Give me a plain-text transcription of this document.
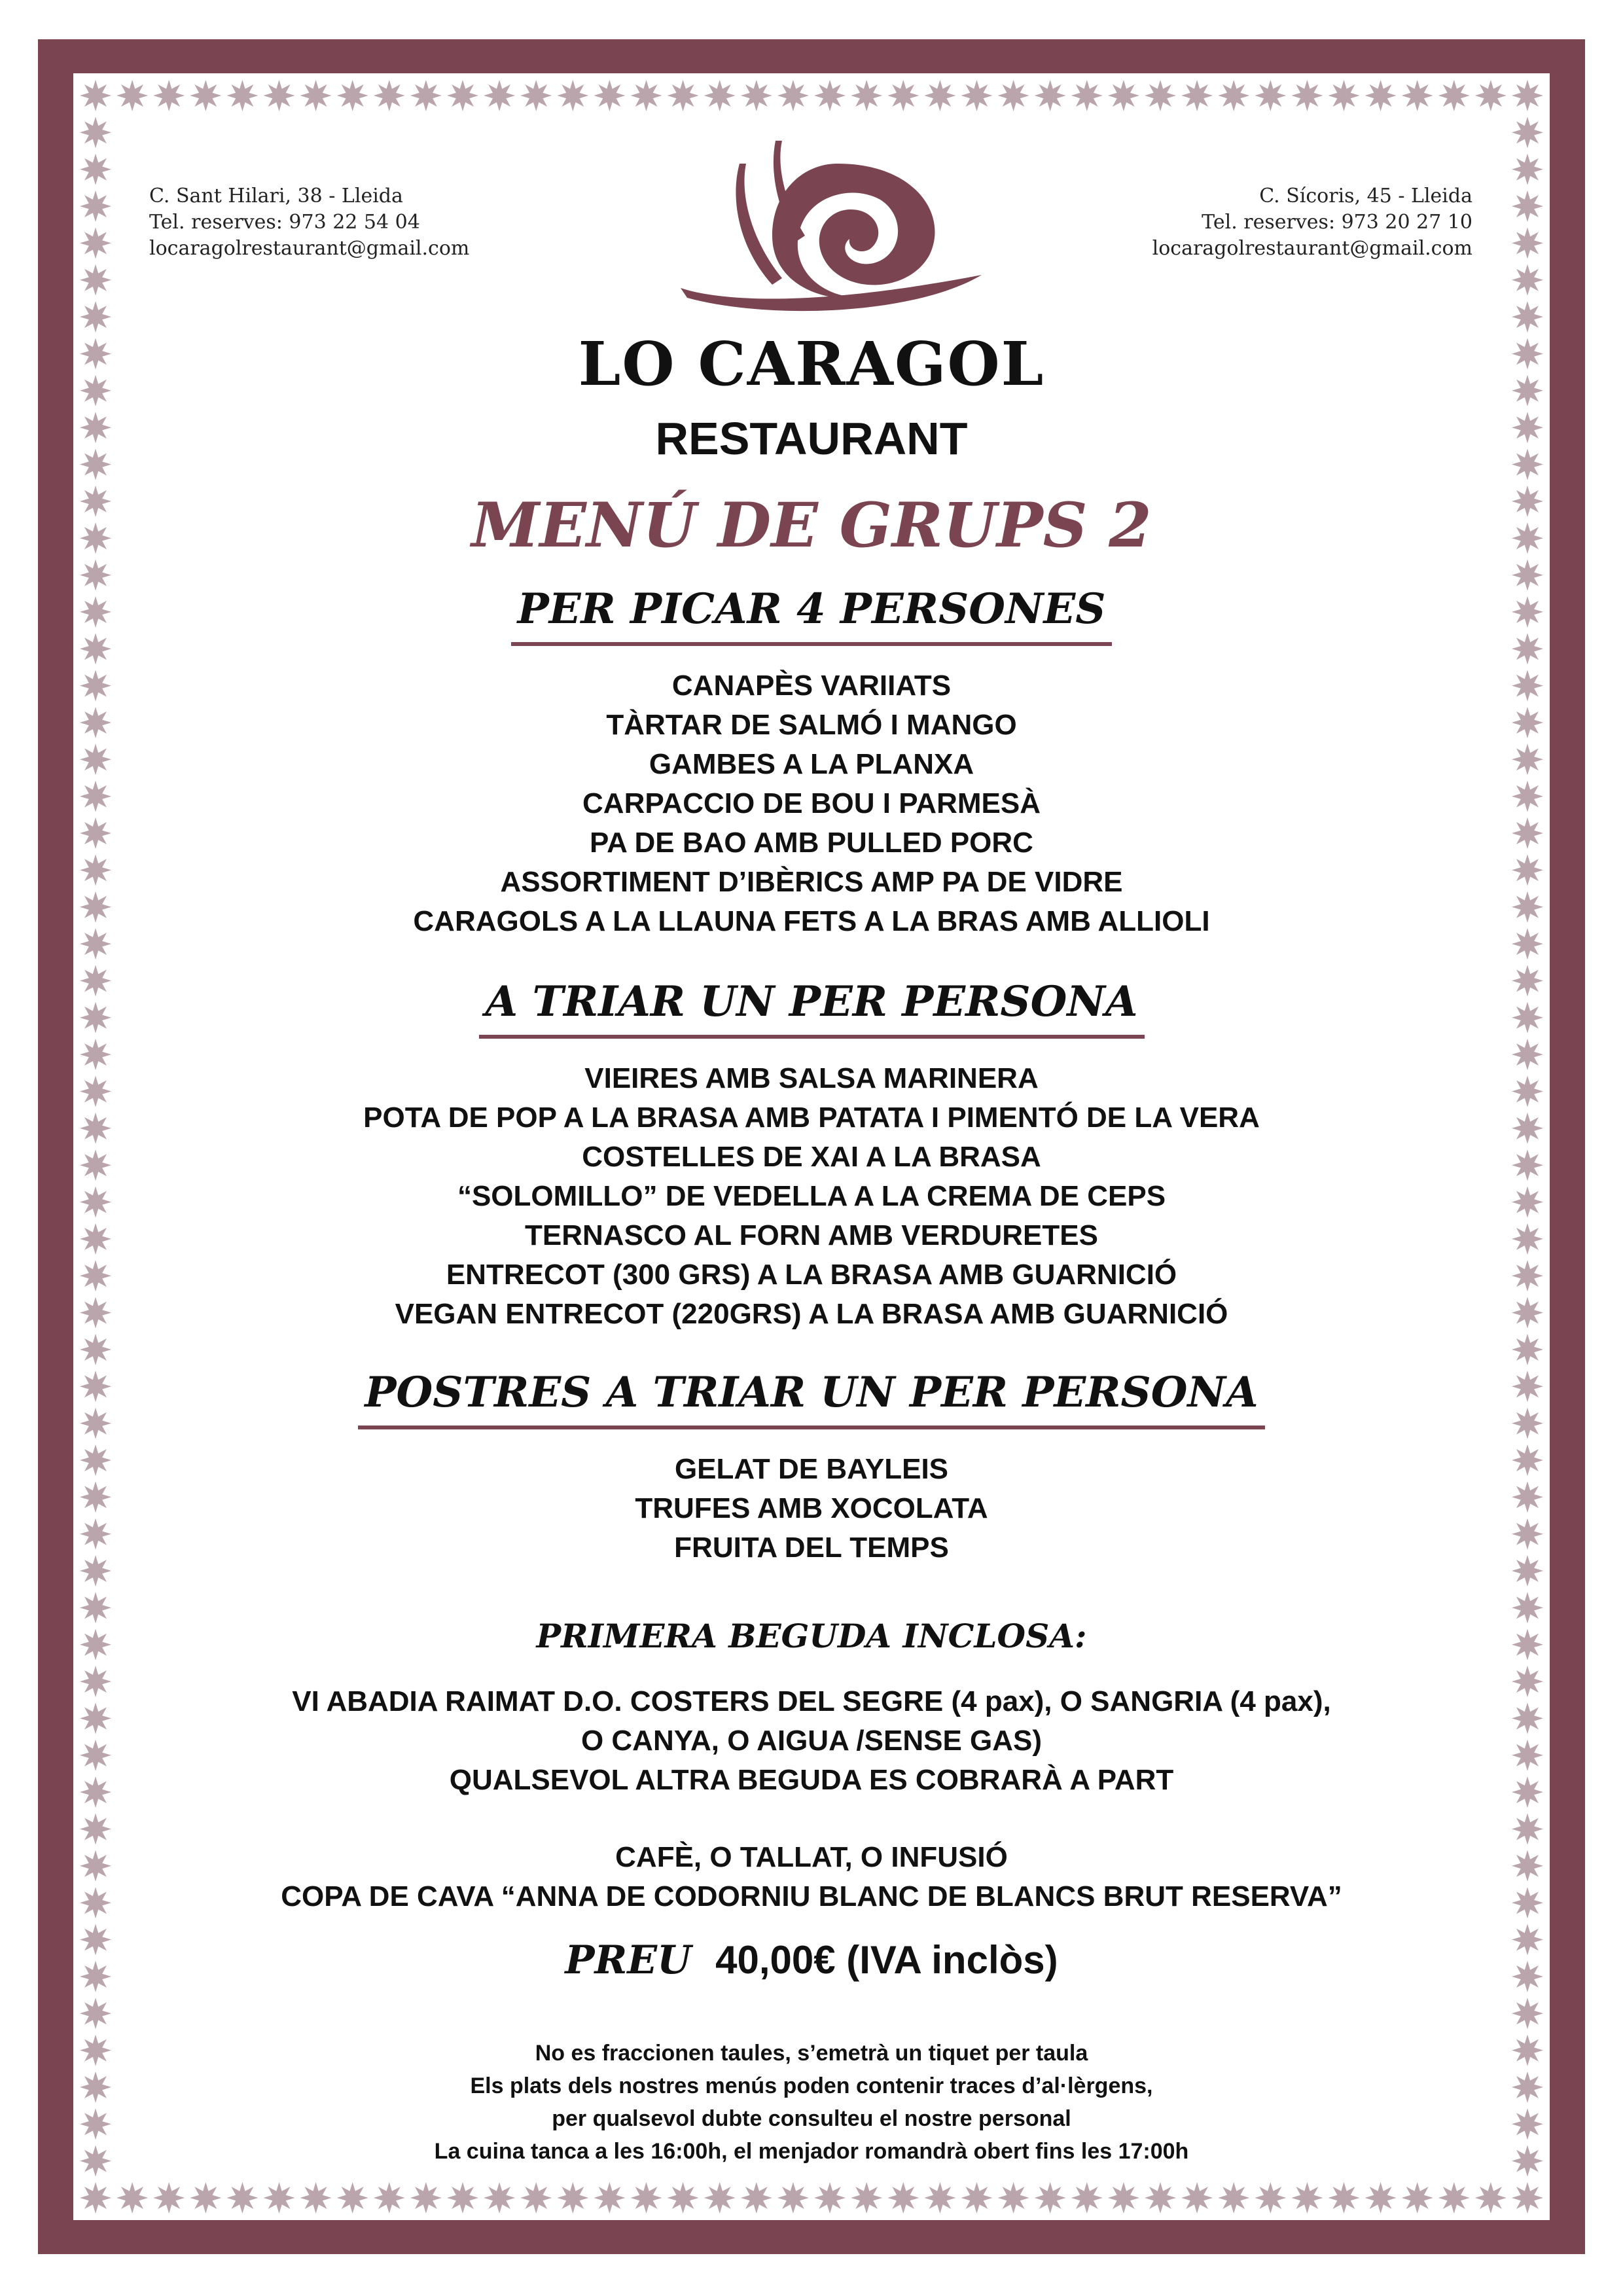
C. Sant Hilari, 38 - Lleida
Tel. reserves: 973 22 54 04
locaragolrestaurant@gmail.com
C. Sícoris, 45 - Lleida
Tel. reserves: 973 20 27 10
locaragolrestaurant@gmail.com
LO CARAGOL
RESTAURANT
MENÚ DE GRUPS 2
PER PICAR 4 PERSONES
CANAPÈS VARIIATS
TÀRTAR DE SALMÓ I MANGO
GAMBES A LA PLANXA
CARPACCIO DE BOU I PARMESÀ
PA DE BAO AMB PULLED PORC
ASSORTIMENT D’IBÈRICS AMP PA DE VIDRE
CARAGOLS A LA LLAUNA FETS A LA BRAS AMB ALLIOLI
A TRIAR UN PER PERSONA
VIEIRES AMB SALSA MARINERA
POTA DE POP A LA BRASA AMB PATATA I PIMENTÓ DE LA VERA
COSTELLES DE XAI A LA BRASA
“SOLOMILLO” DE VEDELLA A LA CREMA DE CEPS
TERNASCO AL FORN AMB VERDURETES
ENTRECOT (300 GRS) A LA BRASA AMB GUARNICIÓ
VEGAN ENTRECOT (220GRS) A LA BRASA AMB GUARNICIÓ
POSTRES A TRIAR UN PER PERSONA
GELAT DE BAYLEIS
TRUFES AMB XOCOLATA
FRUITA DEL TEMPS
PRIMERA BEGUDA INCLOSA:
VI ABADIA RAIMAT D.O. COSTERS DEL SEGRE (4 pax), O SANGRIA (4 pax),
O CANYA, O AIGUA /SENSE GAS)
QUALSEVOL ALTRA BEGUDA ES COBRARÀ A PART
CAFÈ, O TALLAT, O INFUSIÓ
COPA DE CAVA “ANNA DE CODORNIU BLANC DE BLANCS BRUT RESERVA”
PREU 40,00€ (IVA inclòs)
No es fraccionen taules, s’emetrà un tiquet per taula
Els plats dels nostres menús poden contenir traces d’al·lèrgens,
per qualsevol dubte consulteu el nostre personal
La cuina tanca a les 16:00h, el menjador romandrà obert fins les 17:00h
